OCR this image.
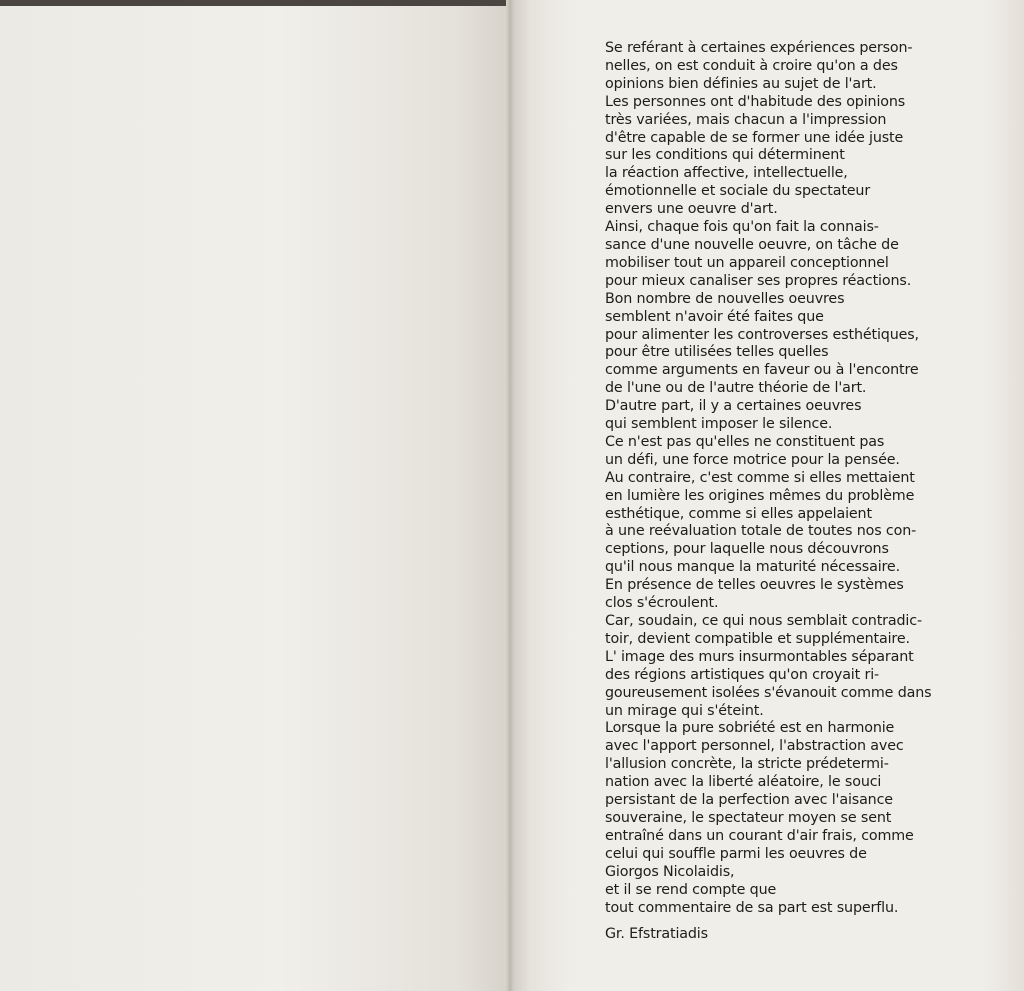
Se reférant à certaines expériences person-
nelles, on est conduit à croire qu'on a des
opinions bien définies au sujet de l'art.
Les personnes ont d'habitude des opinions
très variées, mais chacun a l'impression
d'être capable de se former une idée juste
sur les conditions qui déterminent
la réaction affective, intellectuelle,
émotionnelle et sociale du spectateur
envers une oeuvre d'art.
Ainsi, chaque fois qu'on fait la connais-
sance d'une nouvelle oeuvre, on tâche de
mobiliser tout un appareil conceptionnel
pour mieux canaliser ses propres réactions.
Bon nombre de nouvelles oeuvres
semblent n'avoir été faites que
pour alimenter les controverses esthétiques,
pour être utilisées telles quelles
comme arguments en faveur ou à l'encontre
de l'une ou de l'autre théorie de l'art.
D'autre part, il y a certaines oeuvres
qui semblent imposer le silence.
Ce n'est pas qu'elles ne constituent pas
un défi, une force motrice pour la pensée.
Au contraire, c'est comme si elles mettaient
en lumière les origines mêmes du problème
esthétique, comme si elles appelaient
à une reévaluation totale de toutes nos con-
ceptions, pour laquelle nous découvrons
qu'il nous manque la maturité nécessaire.
En présence de telles oeuvres le systèmes
clos s'écroulent.
Car, soudain, ce qui nous semblait contradic-
toir, devient compatible et supplémentaire.
L' image des murs insurmontables séparant
des régions artistiques qu'on croyait ri-
goureusement isolées s'évanouit comme dans
un mirage qui s'éteint.
Lorsque la pure sobriété est en harmonie
avec l'apport personnel, l'abstraction avec
l'allusion concrète, la stricte prédetermi-
nation avec la liberté aléatoire, le souci
persistant de la perfection avec l'aisance
souveraine, le spectateur moyen se sent
entraîné dans un courant d'air frais, comme
celui qui souffle parmi les oeuvres de
Giorgos Nicolaidis,
et il se rend compte que
tout commentaire de sa part est superflu.
Gr. Efstratiadis
